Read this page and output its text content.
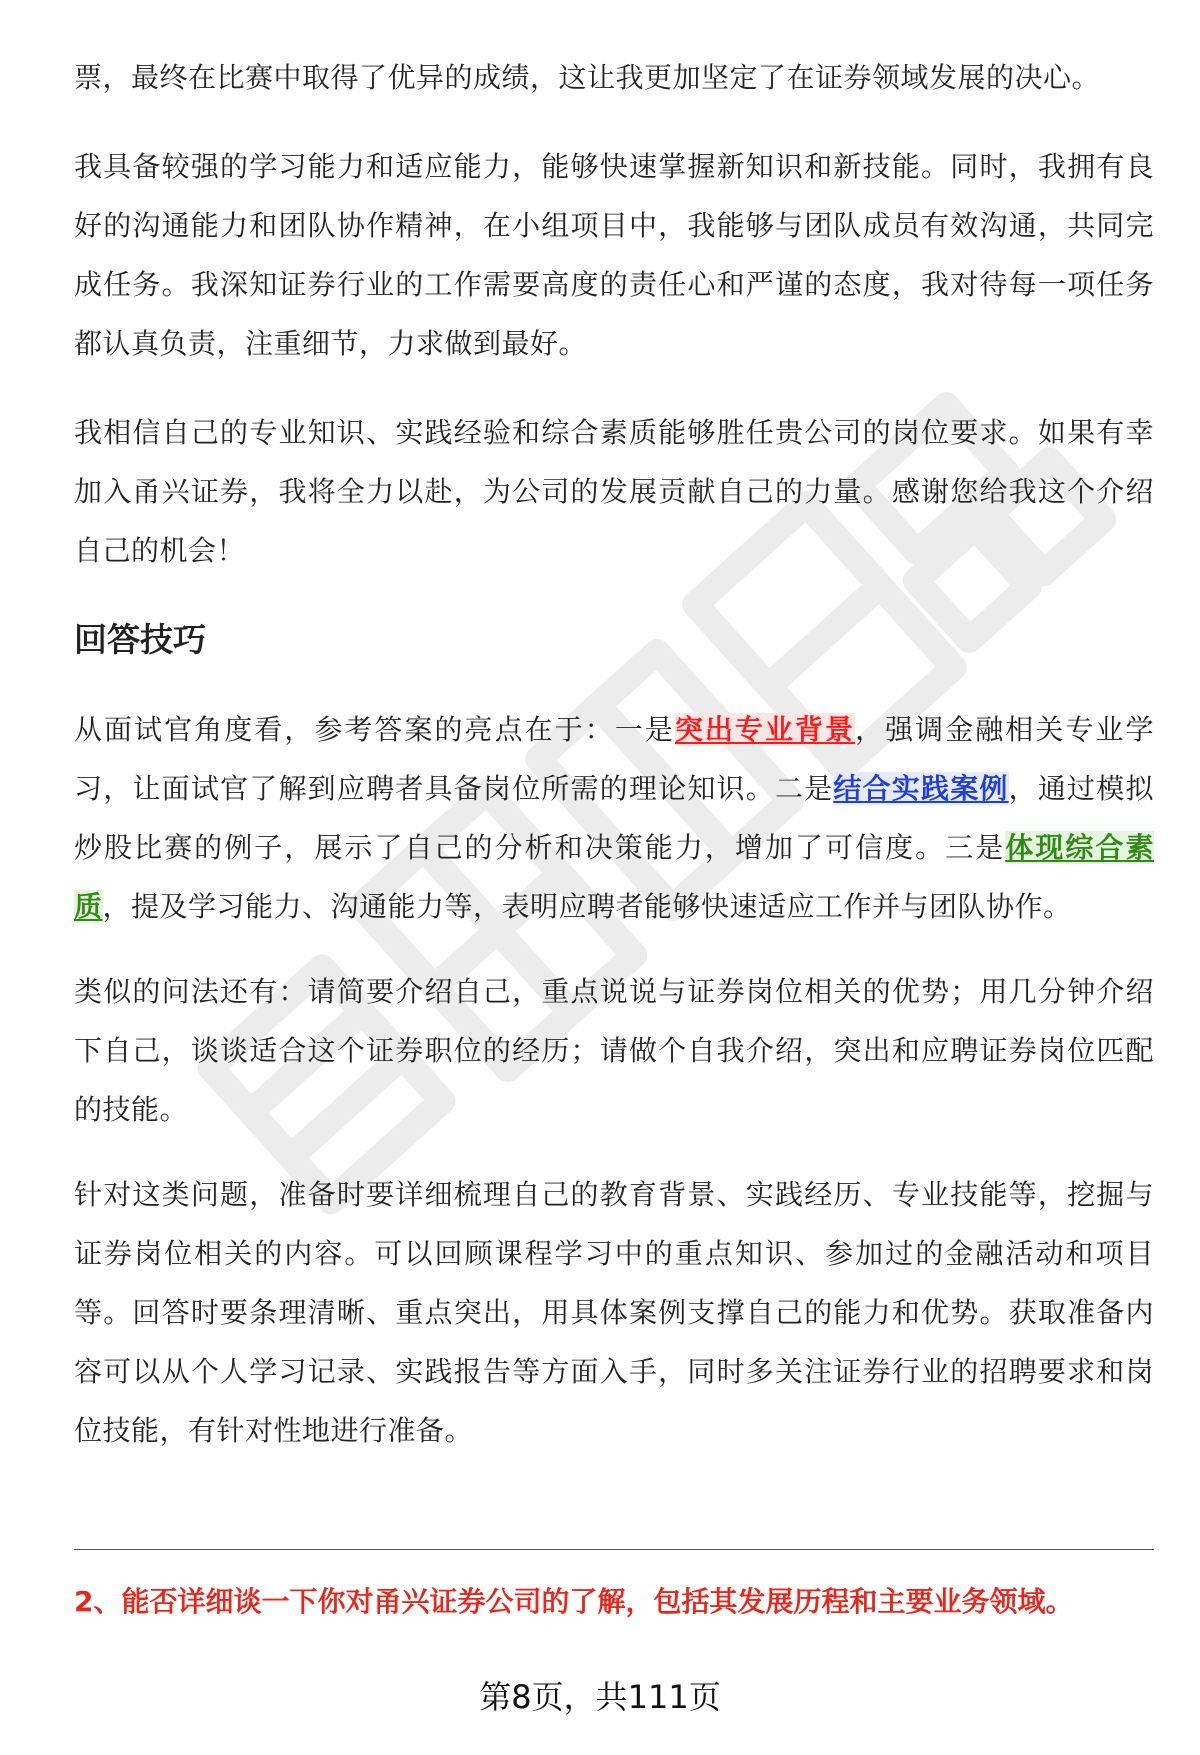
票，最终在比赛中取得了优异的成绩，这让我更加坚定了在证券领域发展的决心。

我具备较强的学习能力和适应能力，能够快速掌握新知识和新技能。同时，我拥有良好的沟通能力和团队协作精神，在小组项目中，我能够与团队成员有效沟通，共同完成任务。我深知证券行业的工作需要高度的责任心和严谨的态度，我对待每一项任务都认真负责，注重细节，力求做到最好。

我相信自己的专业知识、实践经验和综合素质能够胜任贵公司的岗位要求。如果有幸加入甬兴证券，我将全力以赴，为公司的发展贡献自己的力量。感谢您给我这个介绍自己的机会！

回答技巧

从面试官角度看，参考答案的亮点在于：一是突出专业背景，强调金融相关专业学习，让面试官了解到应聘者具备岗位所需的理论知识。二是结合实践案例，通过模拟炒股比赛的例子，展示了自己的分析和决策能力，增加了可信度。三是体现综合素质，提及学习能力、沟通能力等，表明应聘者能够快速适应工作并与团队协作。

类似的问法还有：请简要介绍自己，重点说说与证券岗位相关的优势；用几分钟介绍下自己，谈谈适合这个证券职位的经历；请做个自我介绍，突出和应聘证券岗位匹配的技能。

针对这类问题，准备时要详细梳理自己的教育背景、实践经历、专业技能等，挖掘与证券岗位相关的内容。可以回顾课程学习中的重点知识、参加过的金融活动和项目等。回答时要条理清晰、重点突出，用具体案例支撑自己的能力和优势。获取准备内容可以从个人学习记录、实践报告等方面入手，同时多关注证券行业的招聘要求和岗位技能，有针对性地进行准备。

2、能否详细谈一下你对甬兴证券公司的了解，包括其发展历程和主要业务领域。

第8页，共111页
